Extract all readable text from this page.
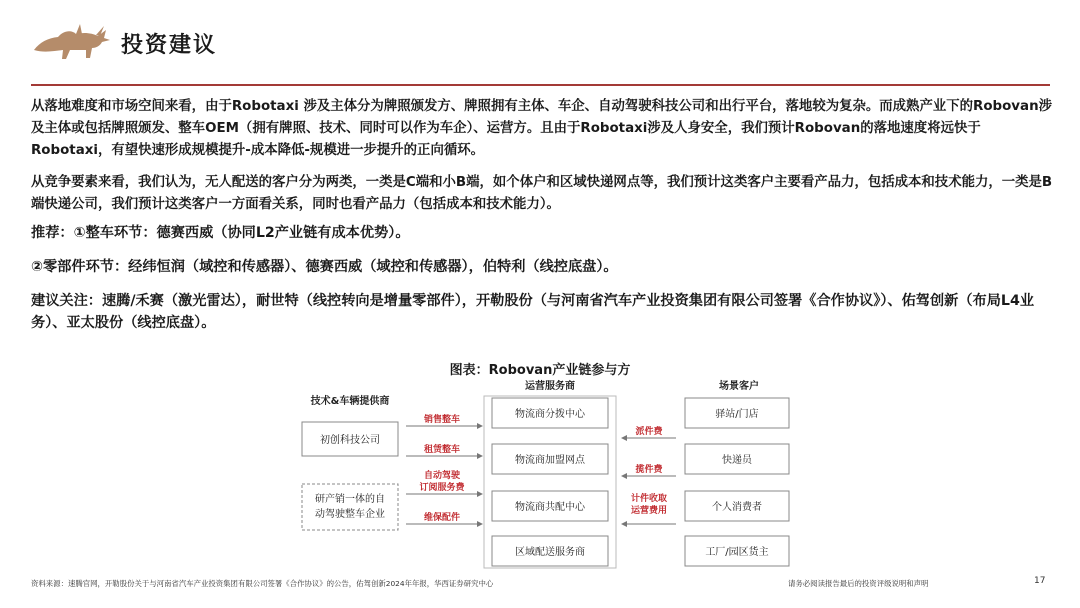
投资建议

从落地难度和市场空间来看，由于Robotaxi 涉及主体分为牌照颁发方、牌照拥有主体、车企、自动驾驶科技公司和出行平台，落地较为复杂。而成熟产业下的Robovan涉及主体或包括牌照颁发、整车OEM（拥有牌照、技术、同时可以作为车企）、运营方。且由于Robotaxi涉及人身安全，我们预计Robovan的落地速度将远快于Robotaxi，有望快速形成规模提升-成本降低-规模进一步提升的正向循环。

从竞争要素来看，我们认为，无人配送的客户分为两类，一类是C端和小B端，如个体户和区域快递网点等，我们预计这类客户主要看产品力，包括成本和技术能力，一类是B端快递公司，我们预计这类客户一方面看关系，同时也看产品力（包括成本和技术能力）。

推荐：①整车环节：德赛西威（协同L2产业链有成本优势）。

②零部件环节：经纬恒润（域控和传感器）、德赛西威（域控和传感器），伯特利（线控底盘）。

建议关注：速腾/禾赛（激光雷达），耐世特（线控转向是增量零部件），开勒股份（与河南省汽车产业投资集团有限公司签署《合作协议》）、佑驾创新（布局L4业务）、亚太股份（线控底盘）。

图表：Robovan产业链参与方
技术&车辆提供商
运营服务商	场景客户
初创科技公司
研产销一体的自
动驾驶整车企业
销售整车
租赁整车
自动驾驶
订阅服务费
维保配件
物流商分拨中心
物流商加盟网点
物流商共配中心
区域配送服务商
派件费
揽件费
计件收取
运营费用
驿站/门店
快递员
个人消费者
工厂/园区货主
资料来源：速腾官网，开勒股份关于与河南省汽车产业投资集团有限公司签署《合作协议》的公告，佑驾创新2024年年报，华西证券研究中心	请务必阅读报告最后的投资评级说明和声明	17
